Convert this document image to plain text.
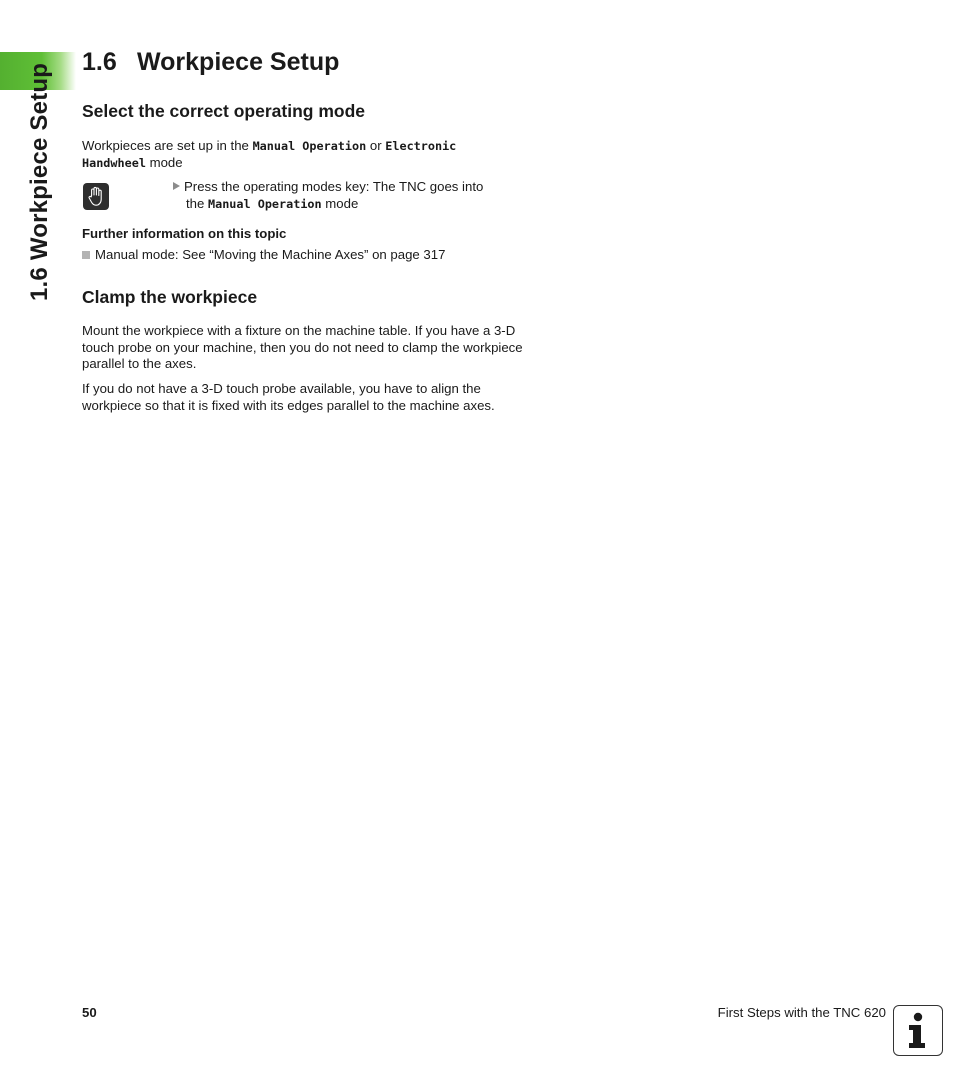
1.6 Workpiece Setup
1.6 Workpiece Setup
Select the correct operating mode

Workpieces are set up in the Manual Operation or Electronic Handwheel mode

Press the operating modes key: The TNC goes into
the Manual Operation mode

Further information on this topic

Manual mode: See “Moving the Machine Axes” on page 317
Clamp the workpiece

Mount the workpiece with a fixture on the machine table. If you have a 3-D touch probe on your machine, then you do not need to clamp the workpiece parallel to the axes.

If you do not have a 3-D touch probe available, you have to align the workpiece so that it is fixed with its edges parallel to the machine axes.

50	First Steps with the TNC 620
